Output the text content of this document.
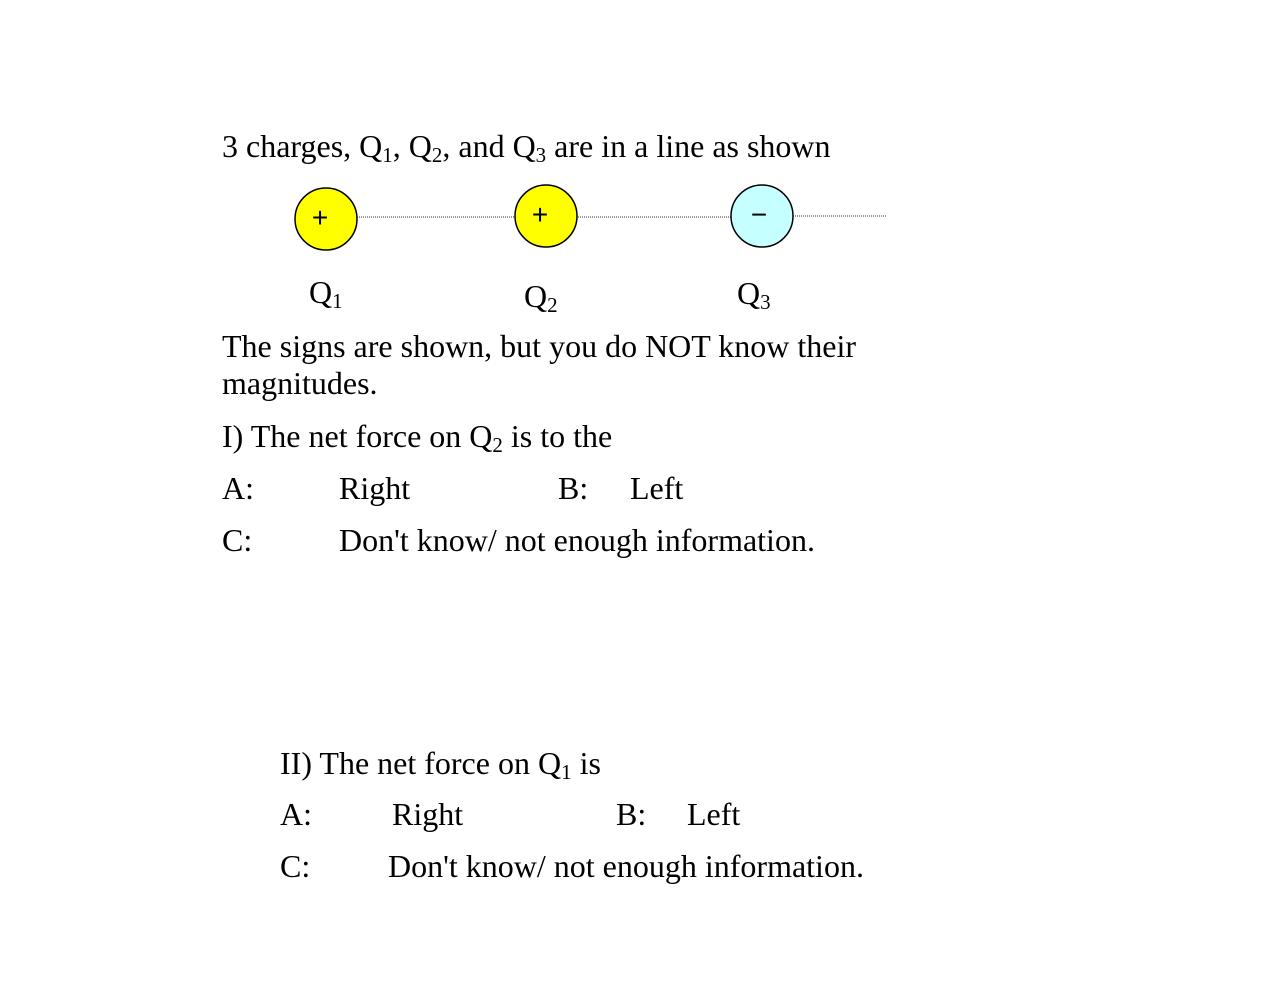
3 charges, $Q_1$, $Q_2$, and $Q_3$ are in a line as shown
+	+	−
$Q_1$	$Q_2$	$Q_3$
The signs are shown, but you do NOT know their
magnitudes.
I) The net force on $Q_2$ is to the
A:	Right	B: Left
C:	Don't know/ not enough information.
II) The net force on $Q_1$ is
A:	Right	B: Left
C: Don't know/ not enough information.
